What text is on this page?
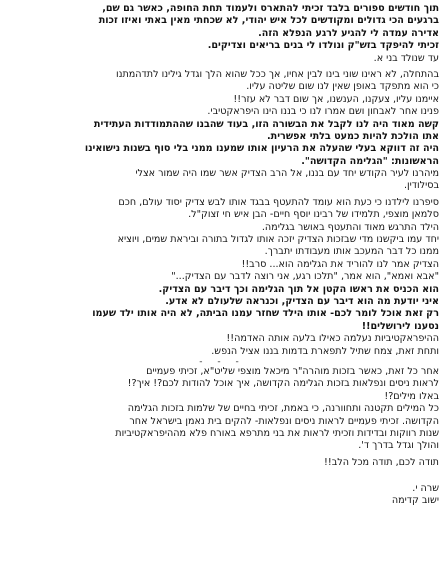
תוך חודשים ספורים בלבד זכיתי להתארס ולעמוד תחת החופה, כאשר גם שם,

ברגעים הכי גדולים ומקודשים לכל איש יהודי, לא שכחתי מאין באתי ואיזו זכות

אדירה עמדה לי להגיע לרגע הנפלא הזה.

זכיתי להיפקד בזש"ק ונולדו לי בנים בריאים וצדיקים.

עד שנולד בני א.

בהתחלה, לא ראינו שוני בינו לבין אחיו, אך ככל שהוא הלך וגדל גילינו לתדהמתנו

כי הוא מתפקד באופן שאין לנו שום שליטה עליו.

איימנו עליו, צעקנו, הענשנו, אך שום דבר לא עזר!!

פנינו אחר לאבחון ושם אמרו לנו כי בננו הינו היפראקטיבי.

קשה מאוד היה לנו לקבל את הבשורה הזו, בעוד שהבנו שההתמודדות העתידית

אתו הולכת להיות כמעט בלתי אפשרית.

היה זה דווקא בעלי שהעלה את הרעיון אותו שמענו ממני בלי סוף בשנות נישואינו

הראשונות: "הגלימה הקדושה".

מיהרנו לעיר הקודש יחד עם בננו, אל הרב הצדיק אשר שמו היה שמור אצלי

בסילודין.

סיפרנו לילדנו כי כעת הוא עומד להתעטף בבגד אותו לבש צדיק יסוד עולם, חכם

סלמאן מוצפי, תלמידו של רבינו יוסף חיים- הבן איש חי זצוק"ל.

הילד התרגש מאוד והתעטף באושר בגלימה.

יחד עמו ביקשנו מדי שבזכות הצדיק יזכה אותו לגדול בתורה וביראת שמים, ויוציא

ממנו כל דבר המעכב אותו מעבודתו יתברך.

הצדיק אמר לנו להוריד את הגלימה הוא... סרב!!

"אבא ואמא", הוא אמר, "תלכו רגע, אני רוצה לדבר עם הצדיק..."

הוא הכניס את ראשו הקטן אל תוך הגלימה וכך דיבר עם הצדיק.

איני יודעת מה הוא דיבר עם הצדיק, וכנראה שלעולם לא אדע.

רק זאת אוכל לומר לכם- אותו הילד שחזר עמנו הביתה, לא היה אותו ילד שעמו

נסענו לירושלים!!

ההיפראקטיביות נעלמה כאילו בלעה אותה האדמה!!

ותחת זאת, צמח שתיל לתפארת בדמות בננו אציל הנפש.

- - -

אחר כל זאת, כאשר בזכות מוהרה"ר מיכאל מוצפי שליט"א, זכיתי פעמיים

לראות ניסים ונפלאות בזכות הגלימה הקדושה, איך אוכל להודות לכם?! איך?!

באלו מילים?!

כל המילים תקטנה ותחוורנה, כי באמת, זכיתי בחיים של שלמות בזכות הגלימה

הקדושה. זכיתי פעמיים לראות ניסים ונפלאות- להקים בית נאמן בישראל אחר

שנות רווקות ובדידות וזכיתי לראות את בני מתרפא באורח פלא מההיפראקטיביות

והולך וגדל בדרך ד'.

תודה לכם, תודה מכל הלב!!

שרה י.

ישוב קדימה
